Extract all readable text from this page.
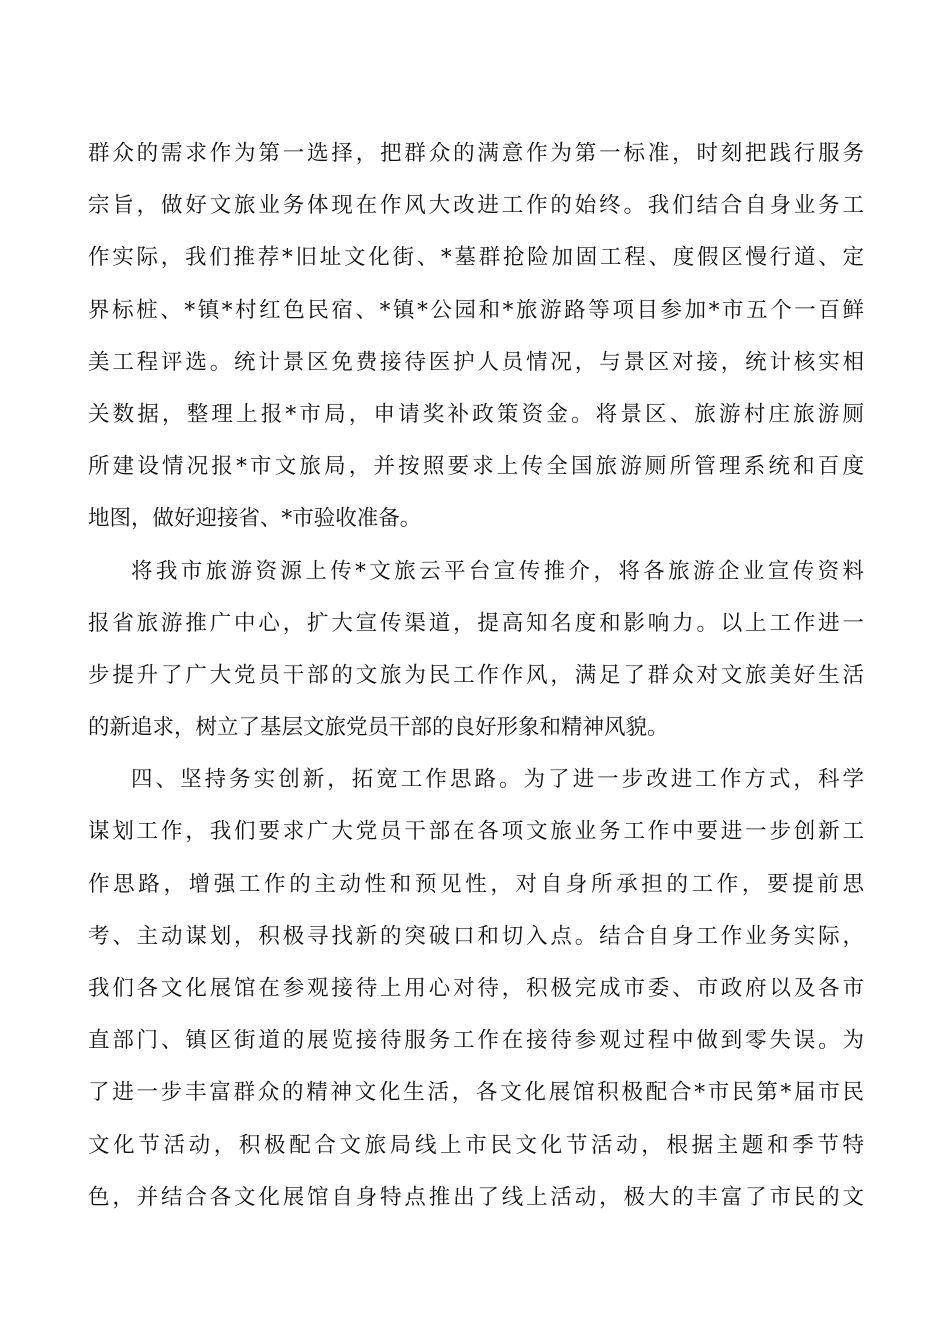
群众的需求作为第一选择，把群众的满意作为第一标准，时刻把践行服务
宗旨，做好文旅业务体现在作风大改进工作的始终。我们结合自身业务工
作实际，我们推荐*旧址文化街、*墓群抢险加固工程、度假区慢行道、定
界标桩、*镇*村红色民宿、*镇*公园和*旅游路等项目参加*市五个一百鲜
美工程评选。统计景区免费接待医护人员情况，与景区对接，统计核实相
关数据，整理上报*市局，申请奖补政策资金。将景区、旅游村庄旅游厕
所建设情况报*市文旅局，并按照要求上传全国旅游厕所管理系统和百度
地图，做好迎接省、*市验收准备。
将我市旅游资源上传*文旅云平台宣传推介，将各旅游企业宣传资料
报省旅游推广中心，扩大宣传渠道，提高知名度和影响力。以上工作进一
步提升了广大党员干部的文旅为民工作作风，满足了群众对文旅美好生活
的新追求，树立了基层文旅党员干部的良好形象和精神风貌。
四、坚持务实创新，拓宽工作思路。为了进一步改进工作方式，科学
谋划工作，我们要求广大党员干部在各项文旅业务工作中要进一步创新工
作思路，增强工作的主动性和预见性，对自身所承担的工作，要提前思
考、主动谋划，积极寻找新的突破口和切入点。结合自身工作业务实际，
我们各文化展馆在参观接待上用心对待，积极完成市委、市政府以及各市
直部门、镇区街道的展览接待服务工作在接待参观过程中做到零失误。为
了进一步丰富群众的精神文化生活，各文化展馆积极配合*市民第*届市民
文化节活动，积极配合文旅局线上市民文化节活动，根据主题和季节特
色，并结合各文化展馆自身特点推出了线上活动，极大的丰富了市民的文
